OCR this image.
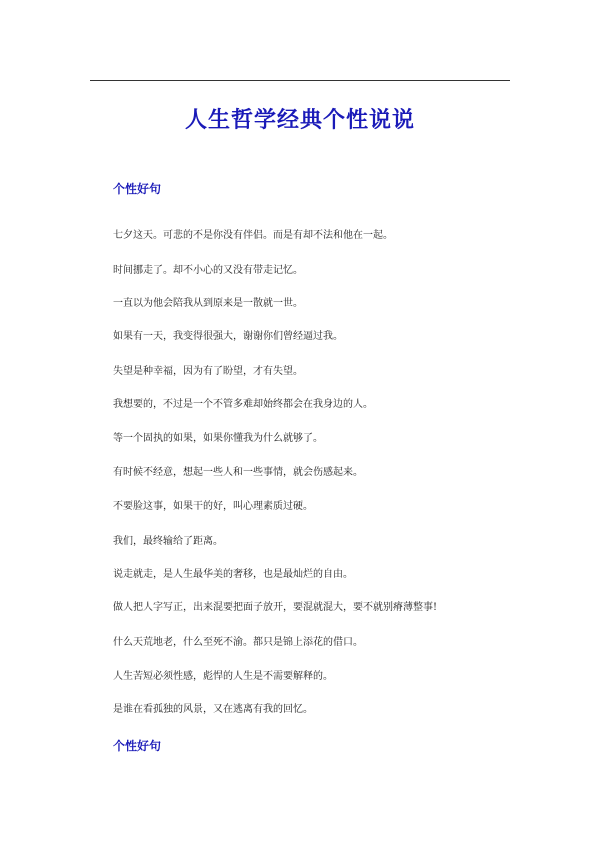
人生哲学经典个性说说
个性好句
七夕这天。可悲的不是你没有伴侣。而是有却不法和他在一起。
时间挪走了。却不小心的又没有带走记忆。
一直以为他会陪我从到原来是一散就一世。
如果有一天，我变得很强大，谢谢你们曾经逼过我。
失望是种幸福，因为有了盼望，才有失望。
我想要的，不过是一个不管多难却始终都会在我身边的人。
等一个固执的如果，如果你懂我为什么就够了。
有时候不经意，想起一些人和一些事情，就会伤感起来。
不要脸这事，如果干的好，叫心理素质过硬。
我们，最终输给了距离。
说走就走，是人生最华美的奢移，也是最灿烂的自由。
做人把人字写正，出来混要把面子放开，要混就混大，要不就别瘠薄整事!
什么天荒地老，什么至死不渝。都只是锦上添花的借口。
人生苦短必须性感，彪悍的人生是不需要解释的。
是谁在看孤独的风景，又在逃离有我的回忆。
个性好句
